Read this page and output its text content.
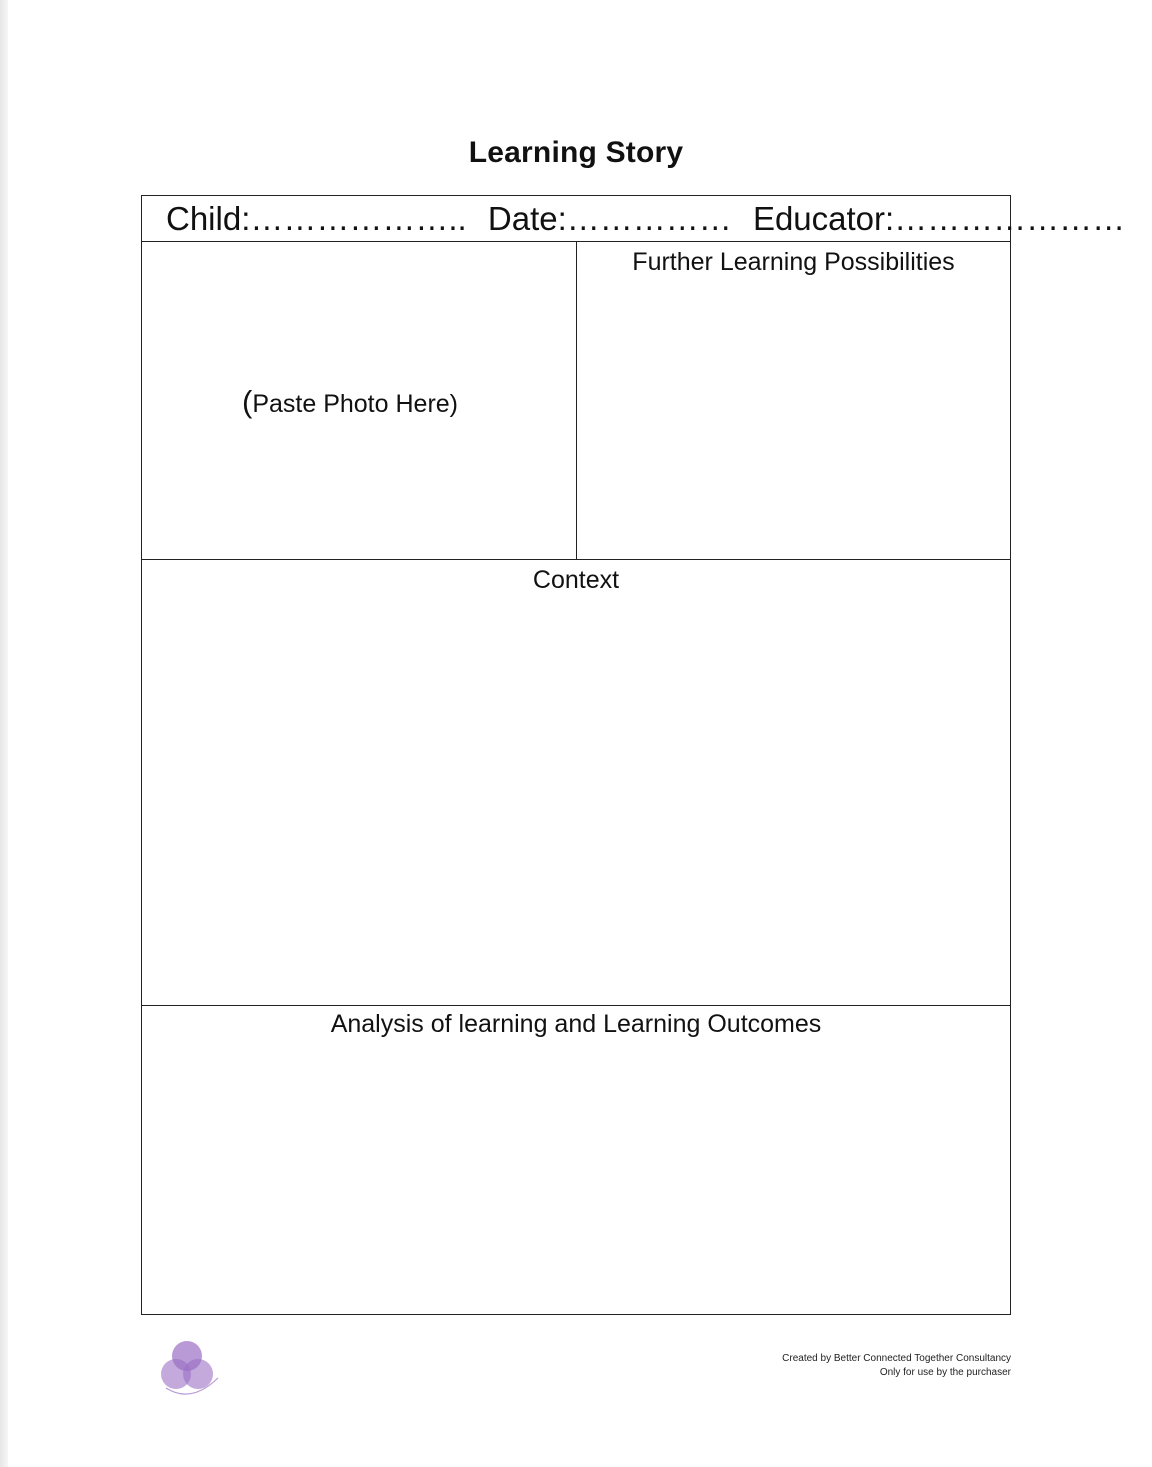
Learning Story
Child:……………….. Date:…………… Educator:…………………
(Paste Photo Here)
Further Learning Possibilities
Context
Analysis of learning and Learning Outcomes
Created by Better Connected Together Consultancy
Only for use by the purchaser
